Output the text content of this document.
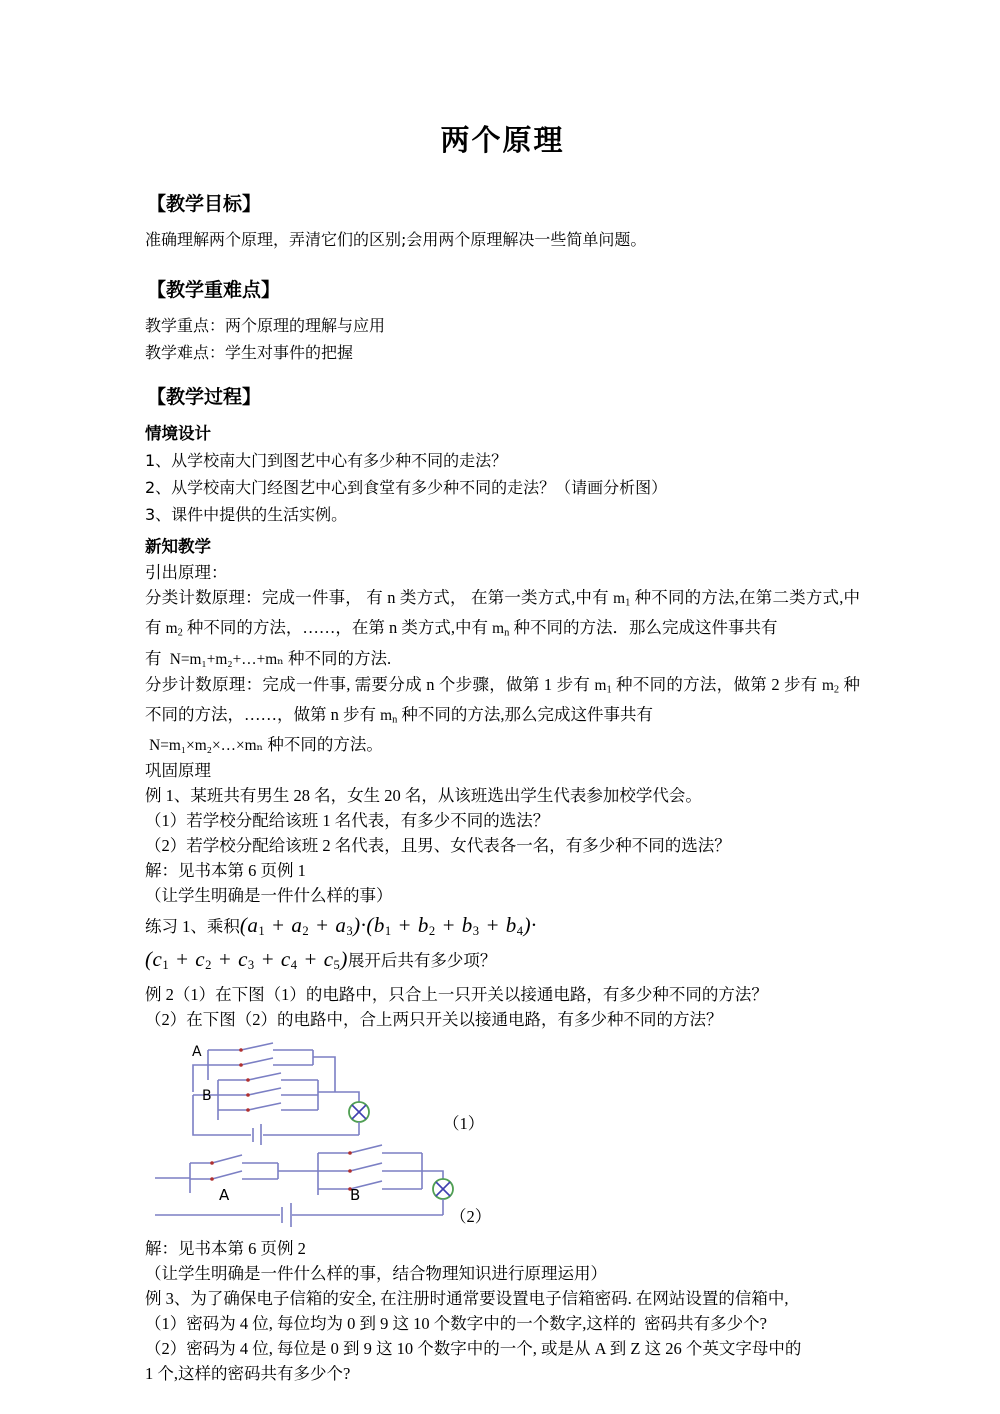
两个原理
【教学目标】

准确理解两个原理，弄清它们的区别;会用两个原理解决一些简单问题。

【教学重难点】

教学重点：两个原理的理解与应用

教学难点：学生对事件的把握

【教学过程】

情境设计

1、从学校南大门到图艺中心有多少种不同的走法？

2、从学校南大门经图艺中心到食堂有多少种不同的走法？（请画分析图）

3、课件中提供的生活实例。

新知教学

引出原理：

分类计数原理：完成一件事， 有 n 类方式， 在第一类方式,中有 $m_1$ 种不同的方法,在第二类方式,中有 $m_2$ 种不同的方法，……，在第 n 类方式,中有 $m_n$ 种不同的方法．那么完成这件事共有

有  N=m₁+m₂+…+mₙ 种不同的方法.

分步计数原理：完成一件事, 需要分成 n 个步骤，做第 1 步有 $m_1$ 种不同的方法，做第 2 步有 $m_2$ 种不同的方法，……，做第 n 步有 $m_n$ 种不同的方法,那么完成这件事共有

N=m₁×m₂×…×mₙ 种不同的方法。

巩固原理

例 1、某班共有男生 28 名，女生 20 名，从该班选出学生代表参加校学代会。

（1）若学校分配给该班 1 名代表，有多少不同的选法？

（2）若学校分配给该班 2 名代表，且男、女代表各一名，有多少种不同的选法？

解：见书本第 6 页例 1

（让学生明确是一件什么样的事）

练习 1、乘积 $(a_1 + a_2 + a_3)\cdot(b_1 + b_2 + b_3 + b_4)\cdot$
$(c_1 + c_2 + c_3 + c_4 + c_5)$ 展开后共有多少项？

例 2（1）在下图（1）的电路中，只合上一只开关以接通电路，有多少种不同的方法？

（2）在下图（2）的电路中，合上两只开关以接通电路，有多少种不同的方法？

（1）
A
B
A	B
（2）

解：见书本第 6 页例 2

（让学生明确是一件什么样的事，结合物理知识进行原理运用）

例 3、为了确保电子信箱的安全, 在注册时通常要设置电子信箱密码. 在网站设置的信箱中,

（1）密码为 4 位, 每位均为 0 到 9 这 10 个数字中的一个数字,这样的  密码共有多少个?

（2）密码为 4 位, 每位是 0 到 9 这 10 个数字中的一个, 或是从 A 到 Z 这 26 个英文字母中的

1 个,这样的密码共有多少个?
